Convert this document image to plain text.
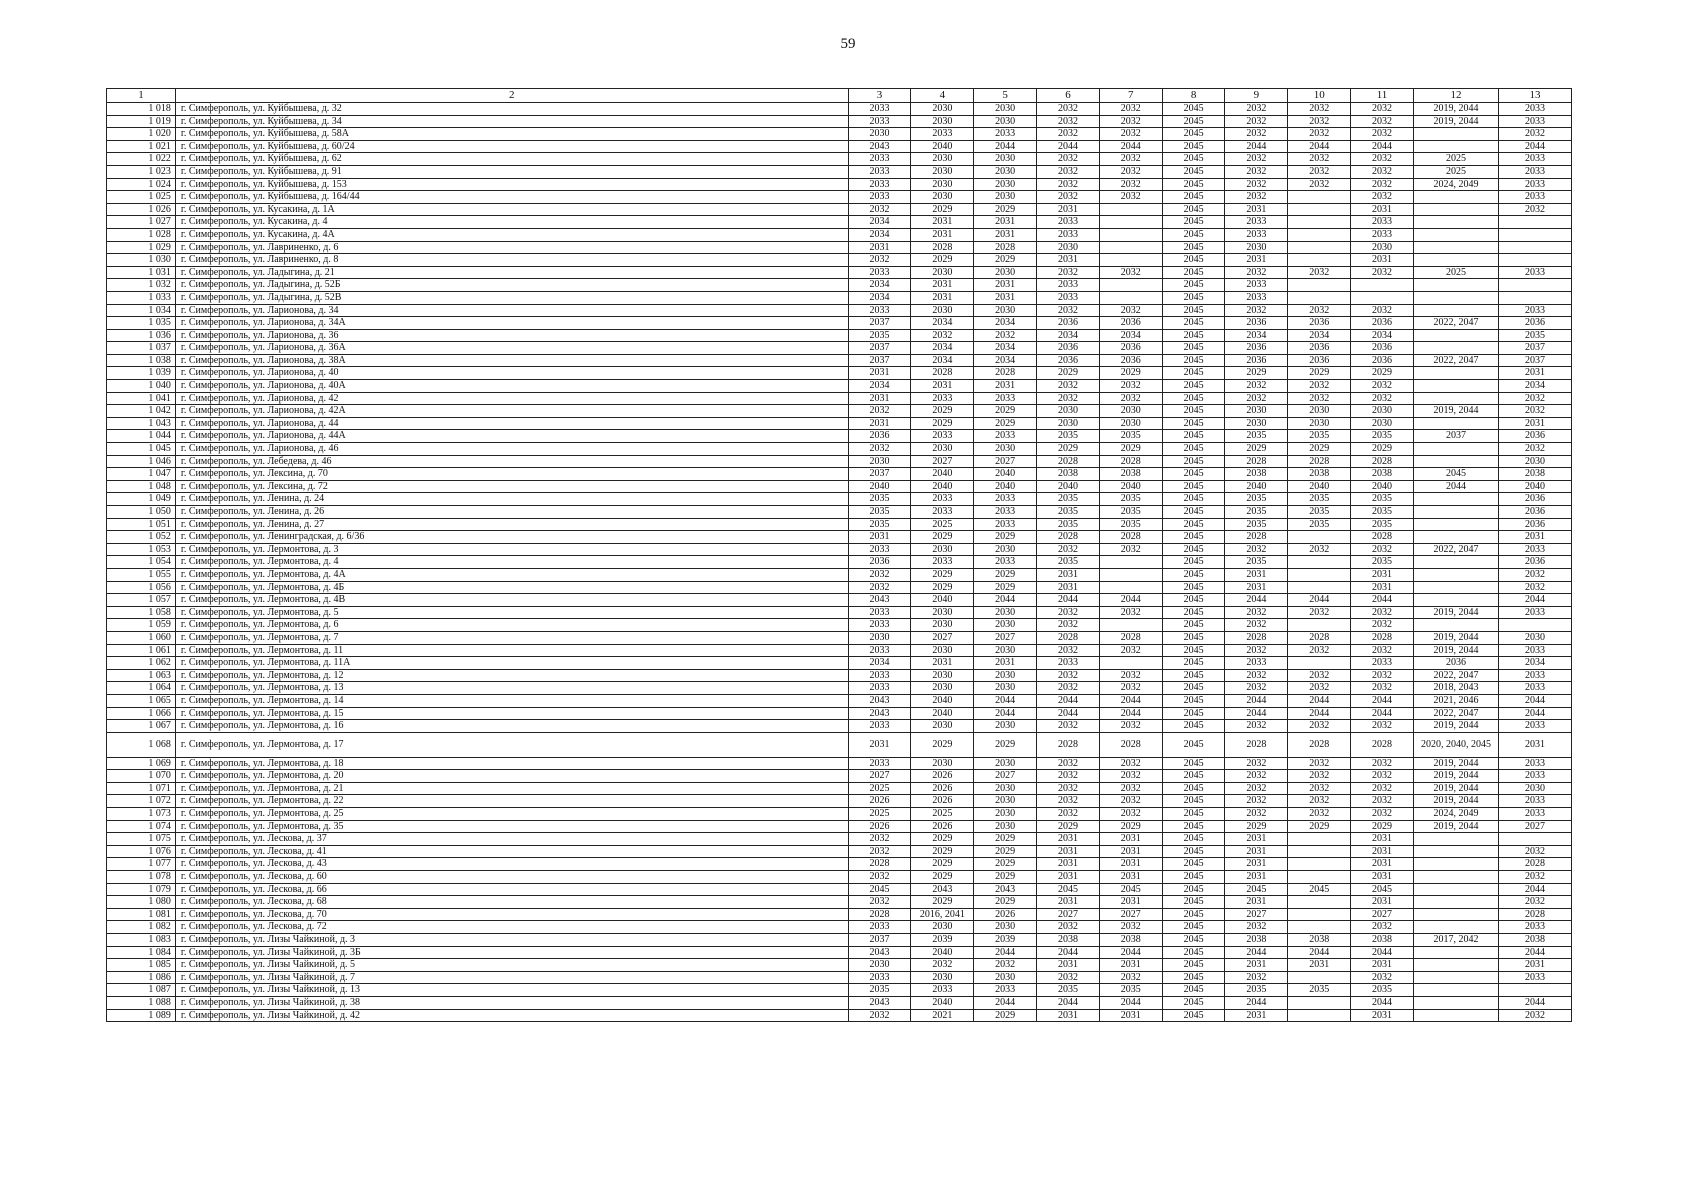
59
1	2	3	4	5	6	7	8	9	10	11	12	13
1 018	г. Симферополь, ул. Куйбышева, д. 32	2033	2030	2030	2032	2032	2045	2032	2032	2032	2019, 2044	2033
1 019	г. Симферополь, ул. Куйбышева, д. 34	2033	2030	2030	2032	2032	2045	2032	2032	2032	2019, 2044	2033
1 020	г. Симферополь, ул. Куйбышева, д. 58А	2030	2033	2033	2032	2032	2045	2032	2032	2032		2032
1 021	г. Симферополь, ул. Куйбышева, д. 60/24	2043	2040	2044	2044	2044	2045	2044	2044	2044		2044
1 022	г. Симферополь, ул. Куйбышева, д. 62	2033	2030	2030	2032	2032	2045	2032	2032	2032	2025	2033
1 023	г. Симферополь, ул. Куйбышева, д. 91	2033	2030	2030	2032	2032	2045	2032	2032	2032	2025	2033
1 024	г. Симферополь, ул. Куйбышева, д. 153	2033	2030	2030	2032	2032	2045	2032	2032	2032	2024, 2049	2033
1 025	г. Симферополь, ул. Куйбышева, д. 164/44	2033	2030	2030	2032	2032	2045	2032		2032		2033
1 026	г. Симферополь, ул. Кусакина, д. 1А	2032	2029	2029	2031		2045	2031		2031		2032
1 027	г. Симферополь, ул. Кусакина, д. 4	2034	2031	2031	2033		2045	2033		2033		
1 028	г. Симферополь, ул. Кусакина, д. 4А	2034	2031	2031	2033		2045	2033		2033		
1 029	г. Симферополь, ул. Лавриненко, д. 6	2031	2028	2028	2030		2045	2030		2030		
1 030	г. Симферополь, ул. Лавриненко, д. 8	2032	2029	2029	2031		2045	2031		2031		
1 031	г. Симферополь, ул. Ладыгина, д. 21	2033	2030	2030	2032	2032	2045	2032	2032	2032	2025	2033
1 032	г. Симферополь, ул. Ладыгина, д. 52Б	2034	2031	2031	2033		2045	2033				
1 033	г. Симферополь, ул. Ладыгина, д. 52В	2034	2031	2031	2033		2045	2033				
1 034	г. Симферополь, ул. Ларионова, д. 34	2033	2030	2030	2032	2032	2045	2032	2032	2032		2033
1 035	г. Симферополь, ул. Ларионова, д. 34А	2037	2034	2034	2036	2036	2045	2036	2036	2036	2022, 2047	2036
1 036	г. Симферополь, ул. Ларионова, д. 36	2035	2032	2032	2034	2034	2045	2034	2034	2034		2035
1 037	г. Симферополь, ул. Ларионова, д. 36А	2037	2034	2034	2036	2036	2045	2036	2036	2036		2037
1 038	г. Симферополь, ул. Ларионова, д. 38А	2037	2034	2034	2036	2036	2045	2036	2036	2036	2022, 2047	2037
1 039	г. Симферополь, ул. Ларионова, д. 40	2031	2028	2028	2029	2029	2045	2029	2029	2029		2031
1 040	г. Симферополь, ул. Ларионова, д. 40А	2034	2031	2031	2032	2032	2045	2032	2032	2032		2034
1 041	г. Симферополь, ул. Ларионова, д. 42	2031	2033	2033	2032	2032	2045	2032	2032	2032		2032
1 042	г. Симферополь, ул. Ларионова, д. 42А	2032	2029	2029	2030	2030	2045	2030	2030	2030	2019, 2044	2032
1 043	г. Симферополь, ул. Ларионова, д. 44	2031	2029	2029	2030	2030	2045	2030	2030	2030		2031
1 044	г. Симферополь, ул. Ларионова, д. 44А	2036	2033	2033	2035	2035	2045	2035	2035	2035	2037	2036
1 045	г. Симферополь, ул. Ларионова, д. 46	2032	2030	2030	2029	2029	2045	2029	2029	2029		2032
1 046	г. Симферополь, ул. Лебедева, д. 46	2030	2027	2027	2028	2028	2045	2028	2028	2028		2030
1 047	г. Симферополь, ул. Лексина, д. 70	2037	2040	2040	2038	2038	2045	2038	2038	2038	2045	2038
1 048	г. Симферополь, ул. Лексина, д. 72	2040	2040	2040	2040	2040	2045	2040	2040	2040	2044	2040
1 049	г. Симферополь, ул. Ленина, д. 24	2035	2033	2033	2035	2035	2045	2035	2035	2035		2036
1 050	г. Симферополь, ул. Ленина, д. 26	2035	2033	2033	2035	2035	2045	2035	2035	2035		2036
1 051	г. Симферополь, ул. Ленина, д. 27	2035	2025	2033	2035	2035	2045	2035	2035	2035		2036
1 052	г. Симферополь, ул. Ленинградская, д. 6/36	2031	2029	2029	2028	2028	2045	2028		2028		2031
1 053	г. Симферополь, ул. Лермонтова, д. 3	2033	2030	2030	2032	2032	2045	2032	2032	2032	2022, 2047	2033
1 054	г. Симферополь, ул. Лермонтова, д. 4	2036	2033	2033	2035		2045	2035		2035		2036
1 055	г. Симферополь, ул. Лермонтова, д. 4А	2032	2029	2029	2031		2045	2031		2031		2032
1 056	г. Симферополь, ул. Лермонтова, д. 4Б	2032	2029	2029	2031		2045	2031		2031		2032
1 057	г. Симферополь, ул. Лермонтова, д. 4В	2043	2040	2044	2044	2044	2045	2044	2044	2044		2044
1 058	г. Симферополь, ул. Лермонтова, д. 5	2033	2030	2030	2032	2032	2045	2032	2032	2032	2019, 2044	2033
1 059	г. Симферополь, ул. Лермонтова, д. 6	2033	2030	2030	2032		2045	2032		2032		
1 060	г. Симферополь, ул. Лермонтова, д. 7	2030	2027	2027	2028	2028	2045	2028	2028	2028	2019, 2044	2030
1 061	г. Симферополь, ул. Лермонтова, д. 11	2033	2030	2030	2032	2032	2045	2032	2032	2032	2019, 2044	2033
1 062	г. Симферополь, ул. Лермонтова, д. 11А	2034	2031	2031	2033		2045	2033		2033	2036	2034
1 063	г. Симферополь, ул. Лермонтова, д. 12	2033	2030	2030	2032	2032	2045	2032	2032	2032	2022, 2047	2033
1 064	г. Симферополь, ул. Лермонтова, д. 13	2033	2030	2030	2032	2032	2045	2032	2032	2032	2018, 2043	2033
1 065	г. Симферополь, ул. Лермонтова, д. 14	2043	2040	2044	2044	2044	2045	2044	2044	2044	2021, 2046	2044
1 066	г. Симферополь, ул. Лермонтова, д. 15	2043	2040	2044	2044	2044	2045	2044	2044	2044	2022, 2047	2044
1 067	г. Симферополь, ул. Лермонтова, д. 16	2033	2030	2030	2032	2032	2045	2032	2032	2032	2019, 2044	2033
1 068	г. Симферополь, ул. Лермонтова, д. 17	2031	2029	2029	2028	2028	2045	2028	2028	2028	2020, 2040, 2045	2031
1 069	г. Симферополь, ул. Лермонтова, д. 18	2033	2030	2030	2032	2032	2045	2032	2032	2032	2019, 2044	2033
1 070	г. Симферополь, ул. Лермонтова, д. 20	2027	2026	2027	2032	2032	2045	2032	2032	2032	2019, 2044	2033
1 071	г. Симферополь, ул. Лермонтова, д. 21	2025	2026	2030	2032	2032	2045	2032	2032	2032	2019, 2044	2030
1 072	г. Симферополь, ул. Лермонтова, д. 22	2026	2026	2030	2032	2032	2045	2032	2032	2032	2019, 2044	2033
1 073	г. Симферополь, ул. Лермонтова, д. 25	2025	2025	2030	2032	2032	2045	2032	2032	2032	2024, 2049	2033
1 074	г. Симферополь, ул. Лермонтова, д. 35	2026	2026	2030	2029	2029	2045	2029	2029	2029	2019, 2044	2027
1 075	г. Симферополь, ул. Лескова, д. 37	2032	2029	2029	2031	2031	2045	2031		2031		
1 076	г. Симферополь, ул. Лескова, д. 41	2032	2029	2029	2031	2031	2045	2031		2031		2032
1 077	г. Симферополь, ул. Лескова, д. 43	2028	2029	2029	2031	2031	2045	2031		2031		2028
1 078	г. Симферополь, ул. Лескова, д. 60	2032	2029	2029	2031	2031	2045	2031		2031		2032
1 079	г. Симферополь, ул. Лескова, д. 66	2045	2043	2043	2045	2045	2045	2045	2045	2045		2044
1 080	г. Симферополь, ул. Лескова, д. 68	2032	2029	2029	2031	2031	2045	2031		2031		2032
1 081	г. Симферополь, ул. Лескова, д. 70	2028	2016, 2041	2026	2027	2027	2045	2027		2027		2028
1 082	г. Симферополь, ул. Лескова, д. 72	2033	2030	2030	2032	2032	2045	2032		2032		2033
1 083	г. Симферополь, ул. Лизы Чайкиной, д. 3	2037	2039	2039	2038	2038	2045	2038	2038	2038	2017, 2042	2038
1 084	г. Симферополь, ул. Лизы Чайкиной, д. 3Б	2043	2040	2044	2044	2044	2045	2044	2044	2044		2044
1 085	г. Симферополь, ул. Лизы Чайкиной, д. 5	2030	2032	2032	2031	2031	2045	2031	2031	2031		2031
1 086	г. Симферополь, ул. Лизы Чайкиной, д. 7	2033	2030	2030	2032	2032	2045	2032		2032		2033
1 087	г. Симферополь, ул. Лизы Чайкиной, д. 13	2035	2033	2033	2035	2035	2045	2035	2035	2035		
1 088	г. Симферополь, ул. Лизы Чайкиной, д. 38	2043	2040	2044	2044	2044	2045	2044		2044		2044
1 089	г. Симферополь, ул. Лизы Чайкиной, д. 42	2032	2021	2029	2031	2031	2045	2031		2031		2032
